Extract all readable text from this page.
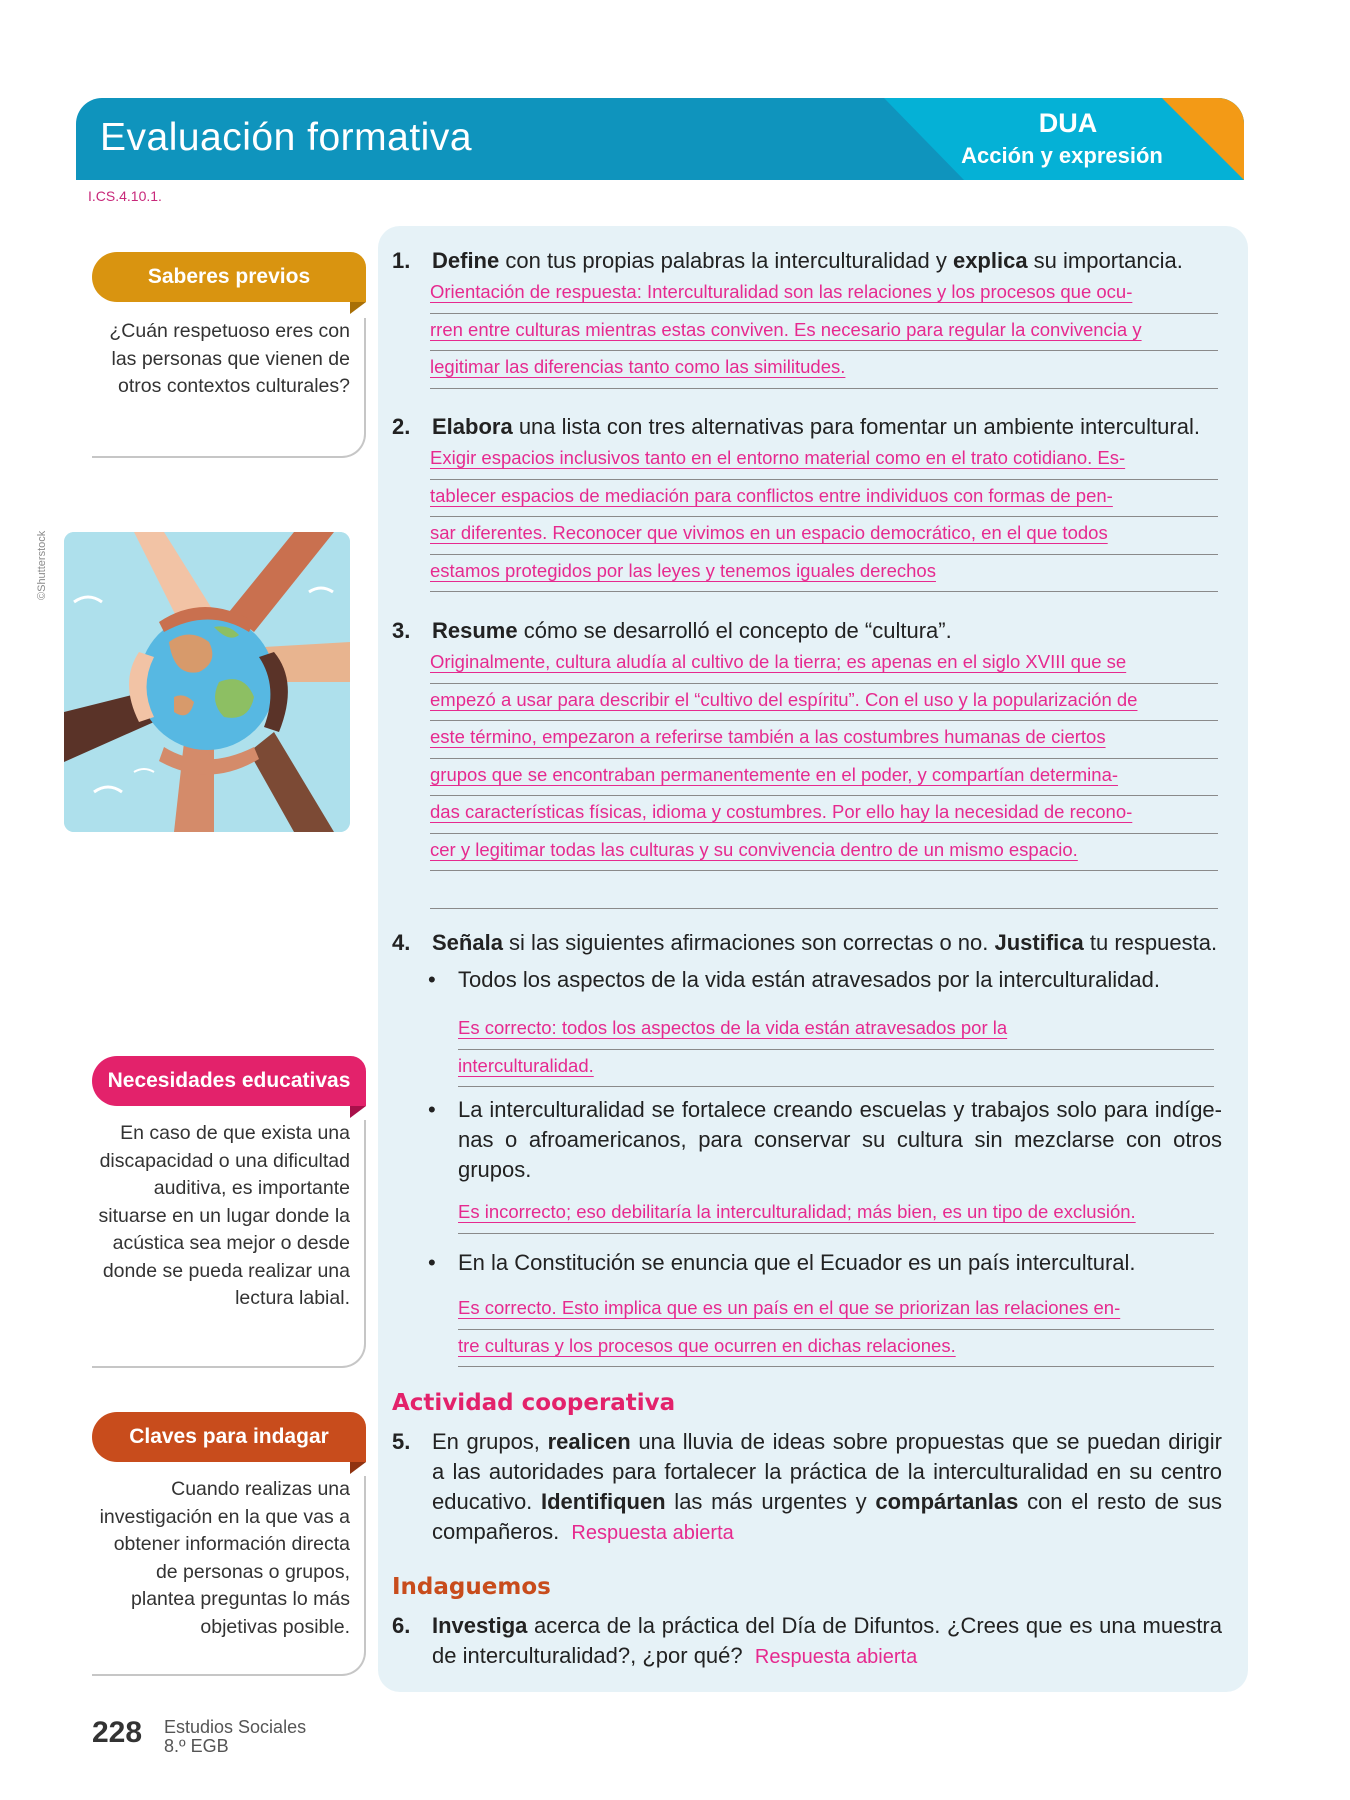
Evaluación formativa	DUA
Acción y expresión
I.CS.4.10.1.
Saberes previos
¿Cuán respetuoso eres con las personas que vienen de otros contextos culturales?
©Shutterstock
Necesidades educativas
En caso de que exista una discapacidad o una dificultad auditiva, es importante situarse en un lugar donde la acústica sea mejor o desde donde se pueda realizar una lectura labial.
Claves para indagar
Cuando realizas una investigación en la que vas a obtener información directa de personas o grupos, plantea preguntas lo más objetivas posible.
1. Define con tus propias palabras la interculturalidad y explica su importancia.
Orientación de respuesta: Interculturalidad son las relaciones y los procesos que ocu-
rren entre culturas mientras estas conviven. Es necesario para regular la convivencia y
legitimar las diferencias tanto como las similitudes.
2. Elabora una lista con tres alternativas para fomentar un ambiente intercultural.
Exigir espacios inclusivos tanto en el entorno material como en el trato cotidiano. Es-
tablecer espacios de mediación para conflictos entre individuos con formas de pen-
sar diferentes. Reconocer que vivimos en un espacio democrático, en el que todos
estamos protegidos por las leyes y tenemos iguales derechos
3. Resume cómo se desarrolló el concepto de “cultura”.
Originalmente, cultura aludía al cultivo de la tierra; es apenas en el siglo XVIII que se
empezó a usar para describir el “cultivo del espíritu”. Con el uso y la popularización de
este término, empezaron a referirse también a las costumbres humanas de ciertos
grupos que se encontraban permanentemente en el poder, y compartían determina-
das características físicas, idioma y costumbres. Por ello hay la necesidad de recono-
cer y legitimar todas las culturas y su convivencia dentro de un mismo espacio.
4. Señala si las siguientes afirmaciones son correctas o no. Justifica tu respuesta.
• Todos los aspectos de la vida están atravesados por la interculturalidad.
Es correcto: todos los aspectos de la vida están atravesados por la
interculturalidad.
• La interculturalidad se fortalece creando escuelas y trabajos solo para indíge-nas o afroamericanos, para conservar su cultura sin mezclarse con otros grupos.
Es incorrecto; eso debilitaría la interculturalidad; más bien, es un tipo de exclusión.
• En la Constitución se enuncia que el Ecuador es un país intercultural.
Es correcto. Esto implica que es un país en el que se priorizan las relaciones en-
tre culturas y los procesos que ocurren en dichas relaciones.
Actividad cooperativa
5. En grupos, realicen una lluvia de ideas sobre propuestas que se puedan dirigir a las autoridades para fortalecer la práctica de la interculturalidad en su centro educativo. Identifiquen las más urgentes y compártanlas con el resto de sus compañeros. Respuesta abierta
Indaguemos
6. Investiga acerca de la práctica del Día de Difuntos. ¿Crees que es una muestra de interculturalidad?, ¿por qué? Respuesta abierta
228 Estudios Sociales
8.º EGB
